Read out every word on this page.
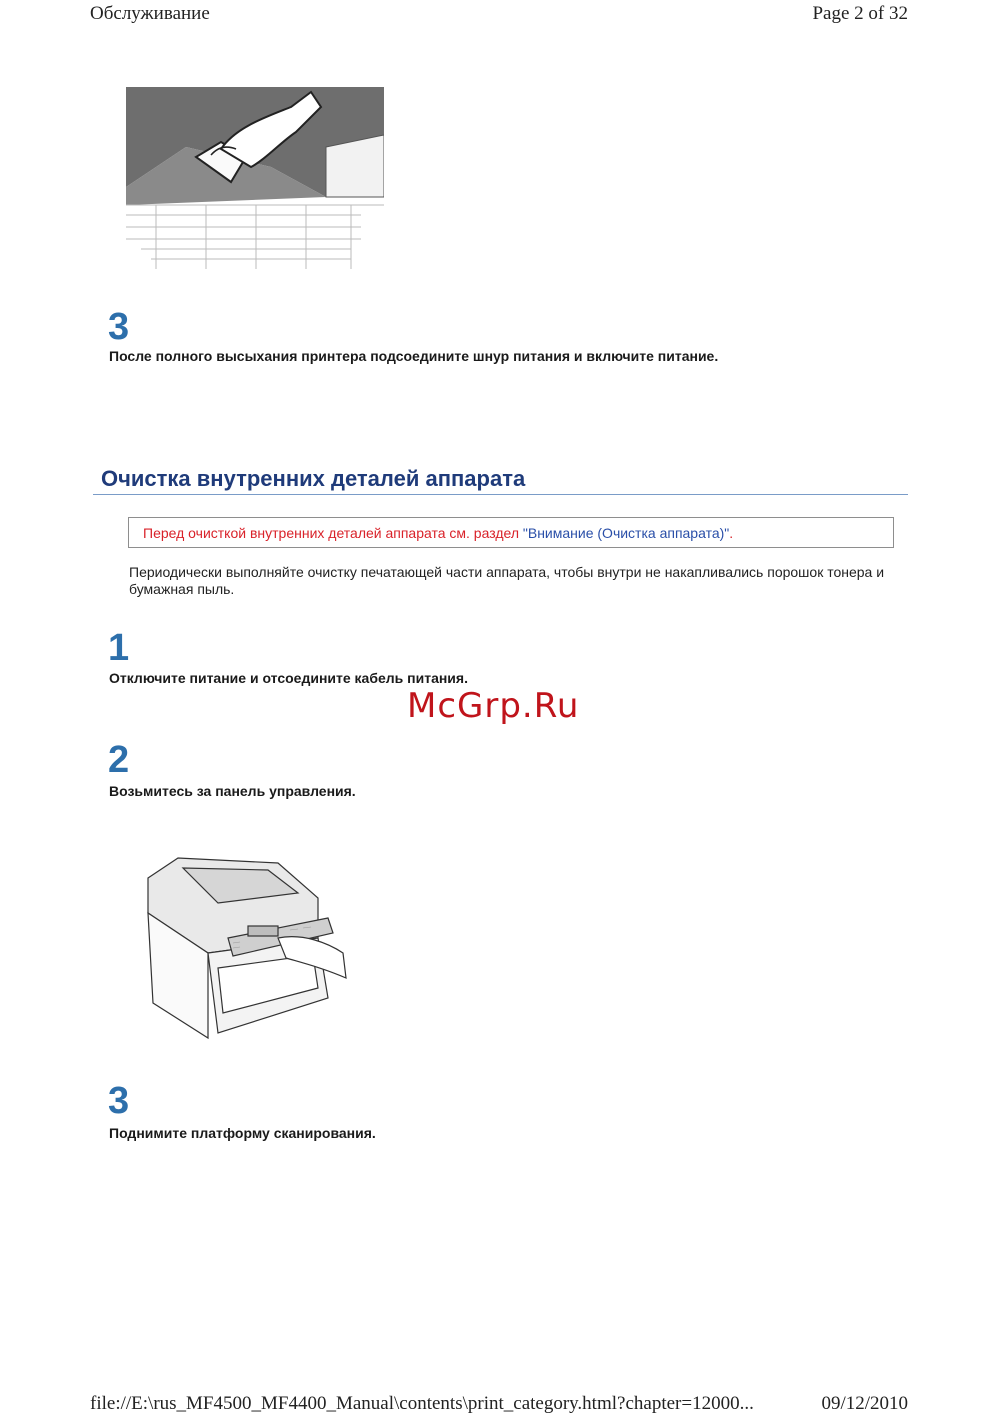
Обслуживание	Page 2 of 32
3
После полного высыхания принтера подсоедините шнур питания и включите питание.
Очистка внутренних деталей аппарата
Перед очисткой внутренних деталей аппарата см. раздел "Внимание (Очистка аппарата)".
Периодически выполняйте очистку печатающей части аппарата, чтобы внутри не накапливались порошок тонера и бумажная пыль.
1
Отключите питание и отсоедините кабель питания.
McGrp.Ru
2
Возьмитесь за панель управления.
3
Поднимите платформу сканирования.
file://E:\rus_MF4500_MF4400_Manual\contents\print_category.html?chapter=12000...	09/12/2010
